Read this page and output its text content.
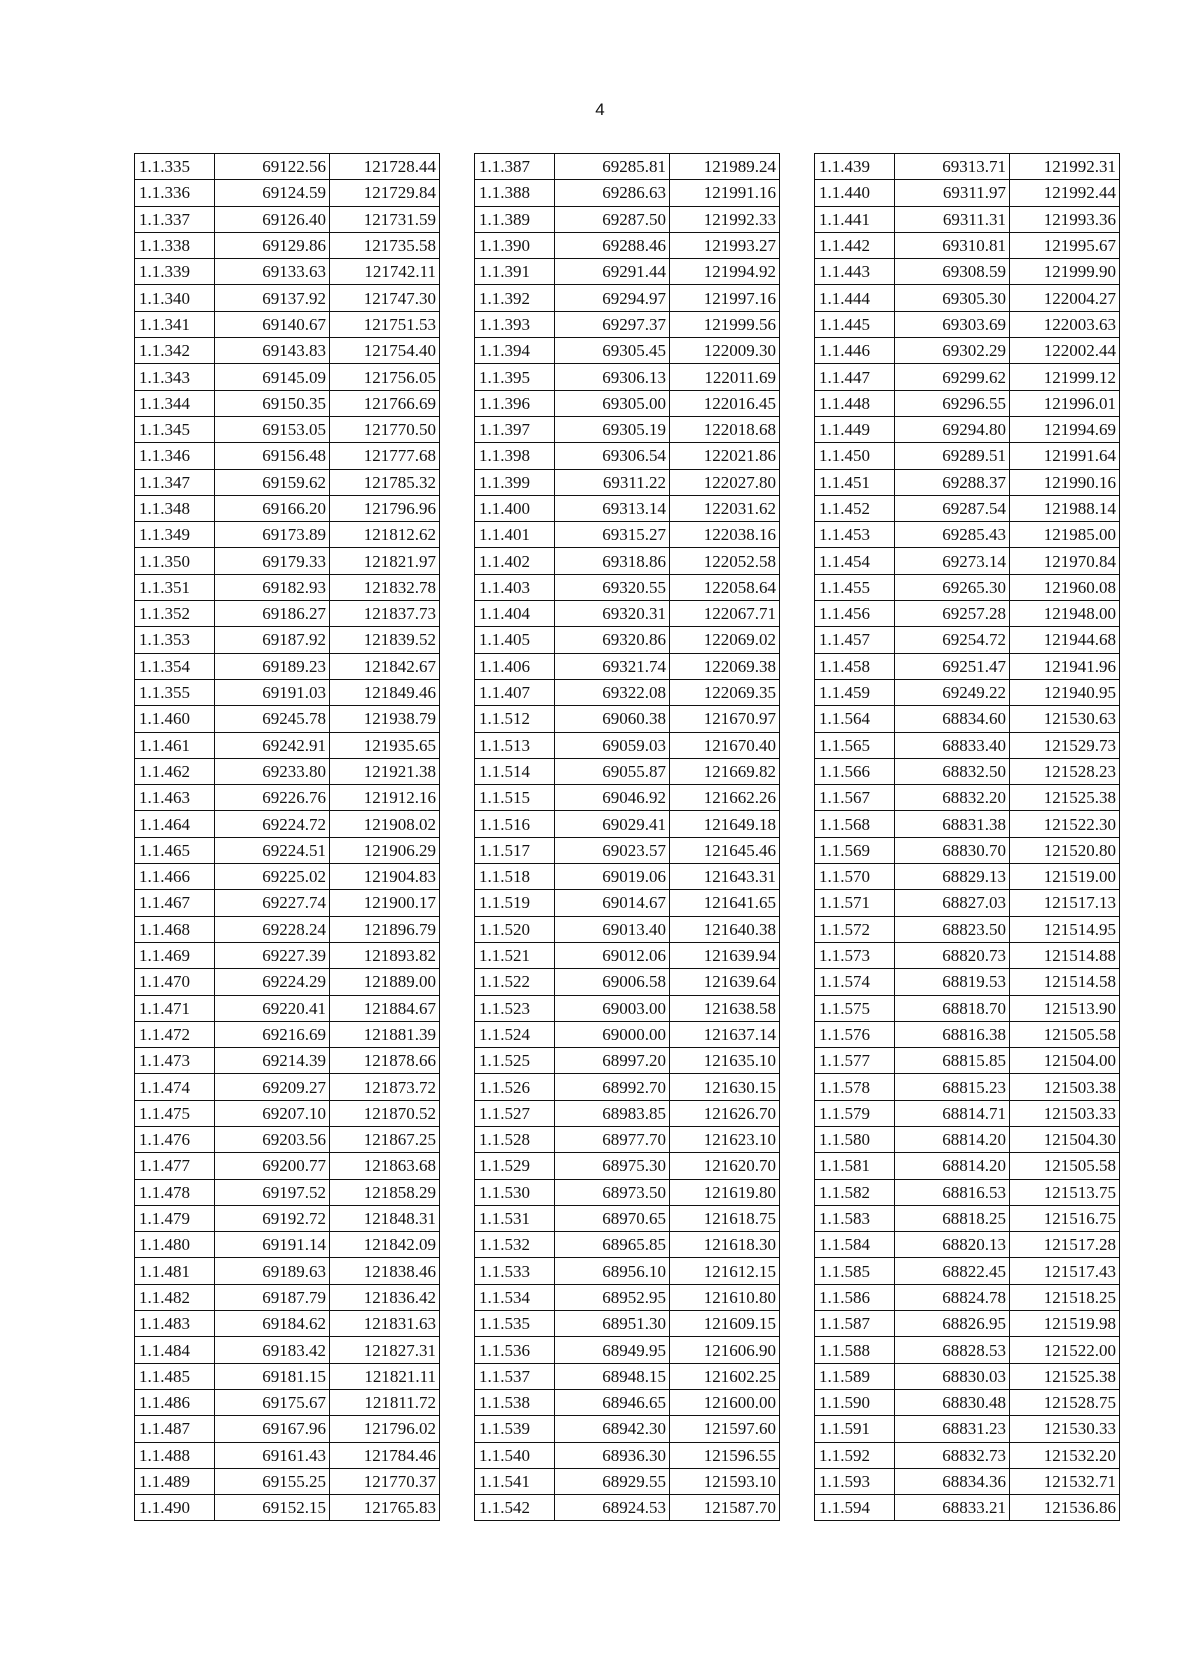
4
1.1.335	69122.56	121728.44
1.1.336	69124.59	121729.84
1.1.337	69126.40	121731.59
1.1.338	69129.86	121735.58
1.1.339	69133.63	121742.11
1.1.340	69137.92	121747.30
1.1.341	69140.67	121751.53
1.1.342	69143.83	121754.40
1.1.343	69145.09	121756.05
1.1.344	69150.35	121766.69
1.1.345	69153.05	121770.50
1.1.346	69156.48	121777.68
1.1.347	69159.62	121785.32
1.1.348	69166.20	121796.96
1.1.349	69173.89	121812.62
1.1.350	69179.33	121821.97
1.1.351	69182.93	121832.78
1.1.352	69186.27	121837.73
1.1.353	69187.92	121839.52
1.1.354	69189.23	121842.67
1.1.355	69191.03	121849.46
1.1.460	69245.78	121938.79
1.1.461	69242.91	121935.65
1.1.462	69233.80	121921.38
1.1.463	69226.76	121912.16
1.1.464	69224.72	121908.02
1.1.465	69224.51	121906.29
1.1.466	69225.02	121904.83
1.1.467	69227.74	121900.17
1.1.468	69228.24	121896.79
1.1.469	69227.39	121893.82
1.1.470	69224.29	121889.00
1.1.471	69220.41	121884.67
1.1.472	69216.69	121881.39
1.1.473	69214.39	121878.66
1.1.474	69209.27	121873.72
1.1.475	69207.10	121870.52
1.1.476	69203.56	121867.25
1.1.477	69200.77	121863.68
1.1.478	69197.52	121858.29
1.1.479	69192.72	121848.31
1.1.480	69191.14	121842.09
1.1.481	69189.63	121838.46
1.1.482	69187.79	121836.42
1.1.483	69184.62	121831.63
1.1.484	69183.42	121827.31
1.1.485	69181.15	121821.11
1.1.486	69175.67	121811.72
1.1.487	69167.96	121796.02
1.1.488	69161.43	121784.46
1.1.489	69155.25	121770.37
1.1.490	69152.15	121765.83
1.1.387	69285.81	121989.24
1.1.388	69286.63	121991.16
1.1.389	69287.50	121992.33
1.1.390	69288.46	121993.27
1.1.391	69291.44	121994.92
1.1.392	69294.97	121997.16
1.1.393	69297.37	121999.56
1.1.394	69305.45	122009.30
1.1.395	69306.13	122011.69
1.1.396	69305.00	122016.45
1.1.397	69305.19	122018.68
1.1.398	69306.54	122021.86
1.1.399	69311.22	122027.80
1.1.400	69313.14	122031.62
1.1.401	69315.27	122038.16
1.1.402	69318.86	122052.58
1.1.403	69320.55	122058.64
1.1.404	69320.31	122067.71
1.1.405	69320.86	122069.02
1.1.406	69321.74	122069.38
1.1.407	69322.08	122069.35
1.1.512	69060.38	121670.97
1.1.513	69059.03	121670.40
1.1.514	69055.87	121669.82
1.1.515	69046.92	121662.26
1.1.516	69029.41	121649.18
1.1.517	69023.57	121645.46
1.1.518	69019.06	121643.31
1.1.519	69014.67	121641.65
1.1.520	69013.40	121640.38
1.1.521	69012.06	121639.94
1.1.522	69006.58	121639.64
1.1.523	69003.00	121638.58
1.1.524	69000.00	121637.14
1.1.525	68997.20	121635.10
1.1.526	68992.70	121630.15
1.1.527	68983.85	121626.70
1.1.528	68977.70	121623.10
1.1.529	68975.30	121620.70
1.1.530	68973.50	121619.80
1.1.531	68970.65	121618.75
1.1.532	68965.85	121618.30
1.1.533	68956.10	121612.15
1.1.534	68952.95	121610.80
1.1.535	68951.30	121609.15
1.1.536	68949.95	121606.90
1.1.537	68948.15	121602.25
1.1.538	68946.65	121600.00
1.1.539	68942.30	121597.60
1.1.540	68936.30	121596.55
1.1.541	68929.55	121593.10
1.1.542	68924.53	121587.70
1.1.439	69313.71	121992.31
1.1.440	69311.97	121992.44
1.1.441	69311.31	121993.36
1.1.442	69310.81	121995.67
1.1.443	69308.59	121999.90
1.1.444	69305.30	122004.27
1.1.445	69303.69	122003.63
1.1.446	69302.29	122002.44
1.1.447	69299.62	121999.12
1.1.448	69296.55	121996.01
1.1.449	69294.80	121994.69
1.1.450	69289.51	121991.64
1.1.451	69288.37	121990.16
1.1.452	69287.54	121988.14
1.1.453	69285.43	121985.00
1.1.454	69273.14	121970.84
1.1.455	69265.30	121960.08
1.1.456	69257.28	121948.00
1.1.457	69254.72	121944.68
1.1.458	69251.47	121941.96
1.1.459	69249.22	121940.95
1.1.564	68834.60	121530.63
1.1.565	68833.40	121529.73
1.1.566	68832.50	121528.23
1.1.567	68832.20	121525.38
1.1.568	68831.38	121522.30
1.1.569	68830.70	121520.80
1.1.570	68829.13	121519.00
1.1.571	68827.03	121517.13
1.1.572	68823.50	121514.95
1.1.573	68820.73	121514.88
1.1.574	68819.53	121514.58
1.1.575	68818.70	121513.90
1.1.576	68816.38	121505.58
1.1.577	68815.85	121504.00
1.1.578	68815.23	121503.38
1.1.579	68814.71	121503.33
1.1.580	68814.20	121504.30
1.1.581	68814.20	121505.58
1.1.582	68816.53	121513.75
1.1.583	68818.25	121516.75
1.1.584	68820.13	121517.28
1.1.585	68822.45	121517.43
1.1.586	68824.78	121518.25
1.1.587	68826.95	121519.98
1.1.588	68828.53	121522.00
1.1.589	68830.03	121525.38
1.1.590	68830.48	121528.75
1.1.591	68831.23	121530.33
1.1.592	68832.73	121532.20
1.1.593	68834.36	121532.71
1.1.594	68833.21	121536.86
